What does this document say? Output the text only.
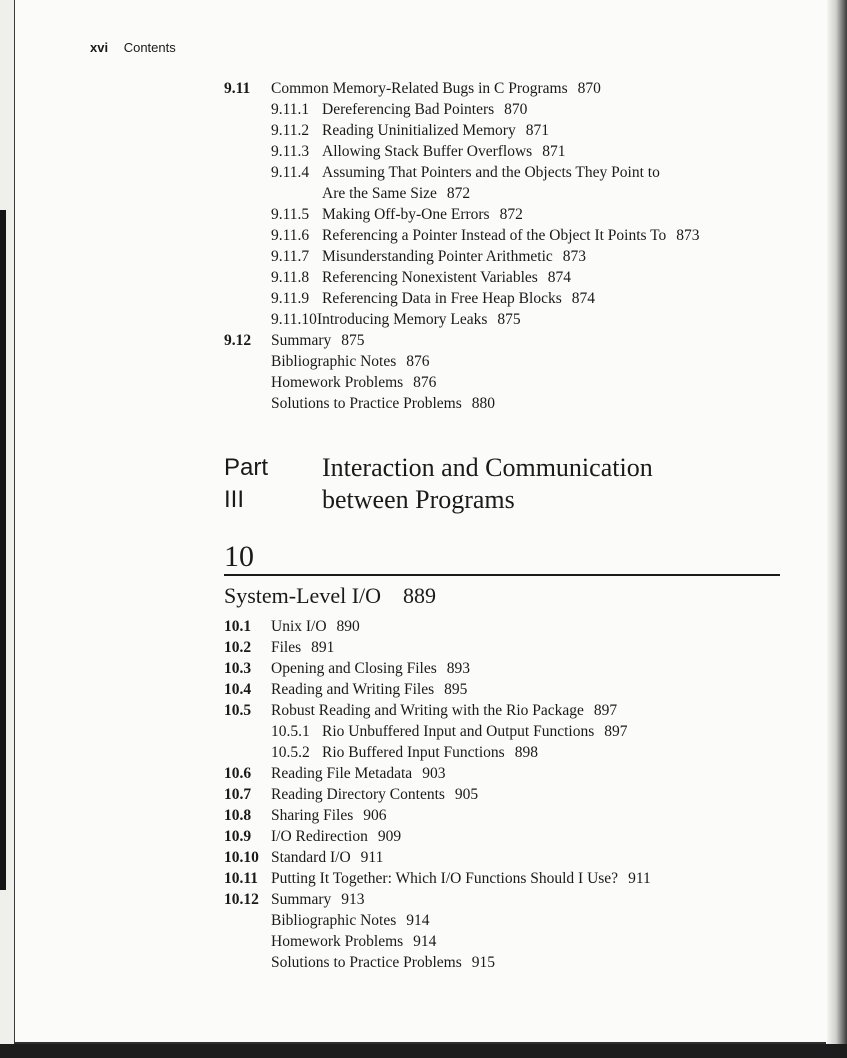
xvi Contents
9.11 Common Memory-Related Bugs in C Programs 870
9.11.1 Dereferencing Bad Pointers 870
9.11.2 Reading Uninitialized Memory 871
9.11.3 Allowing Stack Buffer Overflows 871
9.11.4 Assuming That Pointers and the Objects They Point to
Are the Same Size 872
9.11.5 Making Off-by-One Errors 872
9.11.6 Referencing a Pointer Instead of the Object It Points To 873
9.11.7 Misunderstanding Pointer Arithmetic 873
9.11.8 Referencing Nonexistent Variables 874
9.11.9 Referencing Data in Free Heap Blocks 874
9.11.10Introducing Memory Leaks 875
9.12 Summary 875
Bibliographic Notes 876
Homework Problems 876
Solutions to Practice Problems 880
Part III
Interaction and Communication
between Programs
10
System-Level I/O 889
10.1 Unix I/O 890
10.2 Files 891
10.3 Opening and Closing Files 893
10.4 Reading and Writing Files 895
10.5 Robust Reading and Writing with the Rio Package 897
10.5.1 Rio Unbuffered Input and Output Functions 897
10.5.2 Rio Buffered Input Functions 898
10.6 Reading File Metadata 903
10.7 Reading Directory Contents 905
10.8 Sharing Files 906
10.9 I/O Redirection 909
10.10 Standard I/O 911
10.11 Putting It Together: Which I/O Functions Should I Use? 911
10.12 Summary 913
Bibliographic Notes 914
Homework Problems 914
Solutions to Practice Problems 915
